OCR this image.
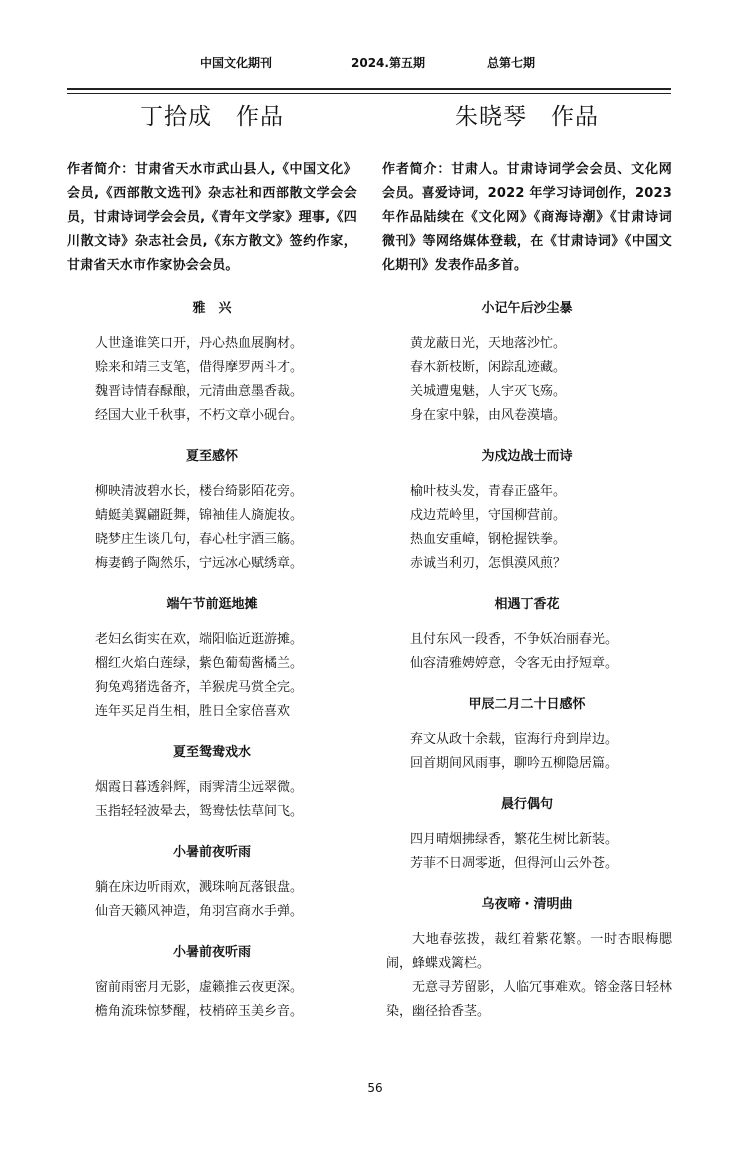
中国文化期刊	2024.第五期	总第七期
丁拾成　作品

作者简介：甘肃省天水市武山县人,《中国文化》会员,《西部散文选刊》杂志社和西部散文学会会员，甘肃诗词学会会员,《青年文学家》理事,《四川散文诗》杂志社会员,《东方散文》签约作家，甘肃省天水市作家协会会员。

雅　兴
人世逢谁笑口开，丹心热血展胸材。
赊来和靖三支笔，借得摩罗两斗才。
魏晋诗情春醁酿，元清曲意墨香裁。
经国大业千秋事，不朽文章小砚台。
夏至感怀
柳映清波碧水长，楼台绮影陌花旁。
蜻蜓美翼翩跹舞，锦袖佳人旖旎妆。
晓梦庄生谈几句，春心杜宇酒三觞。
梅妻鹤子陶然乐，宁远冰心赋绣章。
端午节前逛地摊
老妇幺街实在欢，端阳临近逛游摊。
榴红火焰白莲绿，紫色葡萄酱橘兰。
狗兔鸡猪选备齐，羊猴虎马赏全完。
连年买足肖生相，胜日全家倍喜欢
夏至鸳鸯戏水
烟霞日暮透斜辉，雨霁清尘远翠微。
玉指轻轻波晕去，鸳鸯怯怯草间飞。
小暑前夜听雨
躺在床边听雨欢，溅珠响瓦落银盘。
仙音天籁风神造，角羽宫商水手弹。
小暑前夜听雨
窗前雨密月无影，虚籁推云夜更深。
檐角流珠惊梦醒，枝梢碎玉美乡音。
朱晓琴　作品

作者简介：甘肃人。甘肃诗词学会会员、文化网会员。喜爱诗词，2022 年学习诗词创作，2023年作品陆续在《文化网》《商海诗潮》《甘肃诗词微刊》等网络媒体登载，在《甘肃诗词》《中国文化期刊》发表作品多首。

小记午后沙尘暴
黄龙蔽日光，天地落沙忙。
春木新枝断，闲踪乱迹藏。
关城遭鬼魅，人宇灭飞殇。
身在家中躲，由风卷漠墙。
为戍边战士而诗
榆叶枝头发，青春正盛年。
戍边荒岭里，守国柳营前。
热血安重嶂，钢枪握铁拳。
赤诚当利刃，怎惧漠风煎？
相遇丁香花
且付东风一段香，不争妖冶丽春光。
仙容清雅娉婷意，令客无由抒短章。
甲辰二月二十日感怀
弃文从政十余载，宦海行舟到岸边。
回首期间风雨事，聊吟五柳隐居篇。
晨行偶句
四月晴烟拂绿香，繁花生树比新装。
芳菲不日凋零逝，但得河山云外苍。
乌夜啼・清明曲

大地春弦拨，裁红着紫花繁。一时杏眼梅腮闹，蜂蝶戏篱栏。

无意寻芳留影，人临冗事难欢。镕金落日轻林染，幽径拾香茎。

56
